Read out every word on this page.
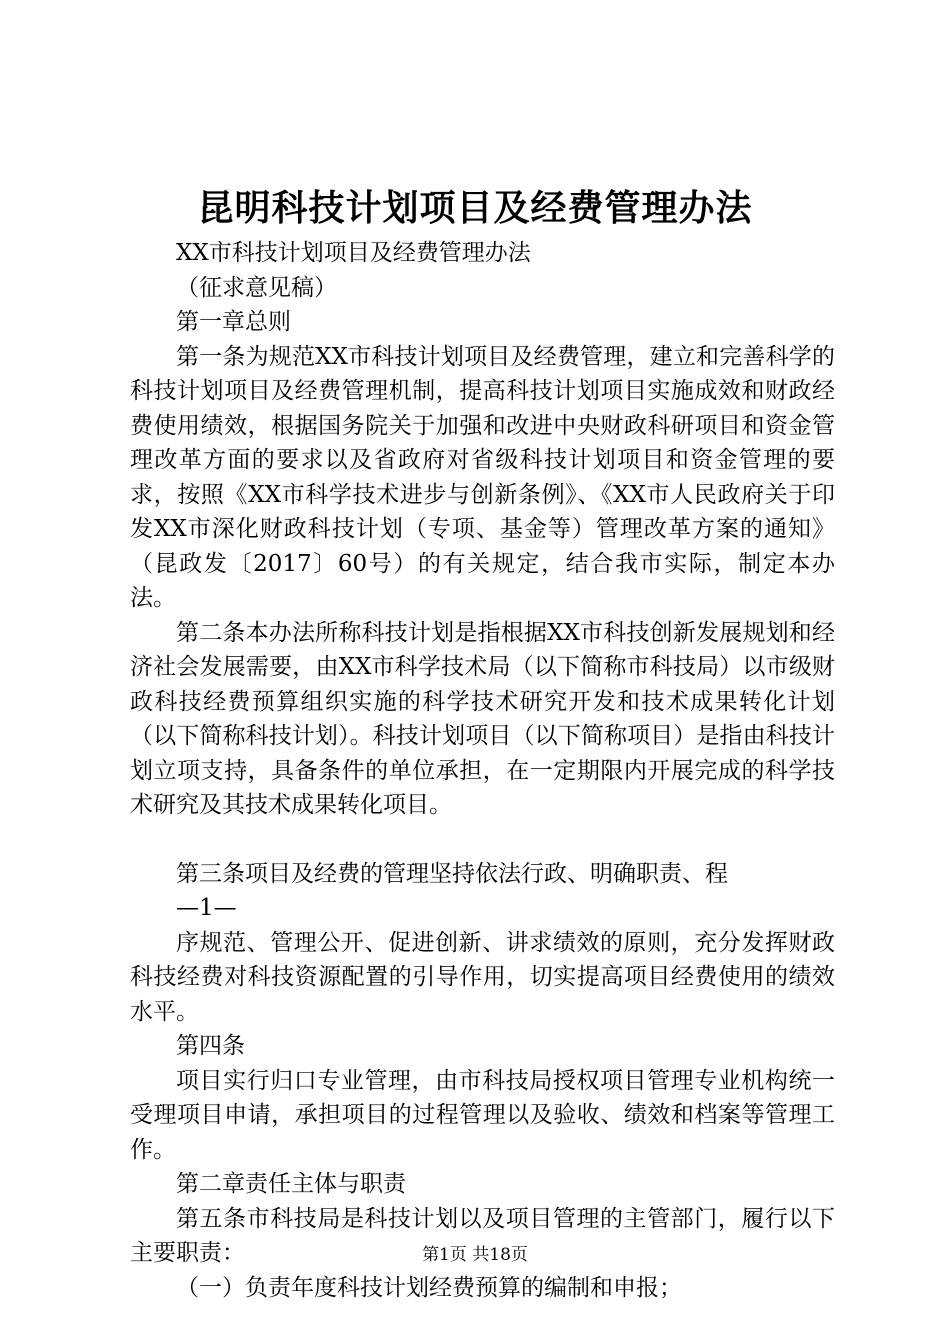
昆明科技计划项目及经费管理办法

XX市科技计划项目及经费管理办法

（征求意见稿）

第一章总则

第一条为规范XX市科技计划项目及经费管理，建立和完善科学的科技计划项目及经费管理机制，提高科技计划项目实施成效和财政经费使用绩效，根据国务院关于加强和改进中央财政科研项目和资金管理改革方面的要求以及省政府对省级科技计划项目和资金管理的要求，按照《XX市科学技术进步与创新条例》、《XX市人民政府关于印发XX市深化财政科技计划（专项、基金等）管理改革方案的通知》（昆政发〔2017〕60号）的有关规定，结合我市实际，制定本办法。

第二条本办法所称科技计划是指根据XX市科技创新发展规划和经济社会发展需要，由XX市科学技术局（以下简称市科技局）以市级财政科技经费预算组织实施的科学技术研究开发和技术成果转化计划（以下简称科技计划）。科技计划项目（以下简称项目）是指由科技计划立项支持，具备条件的单位承担，在一定期限内开展完成的科学技术研究及其技术成果转化项目。

第三条项目及经费的管理坚持依法行政、明确职责、程

—1—

序规范、管理公开、促进创新、讲求绩效的原则，充分发挥财政科技经费对科技资源配置的引导作用，切实提高项目经费使用的绩效水平。

第四条

项目实行归口专业管理，由市科技局授权项目管理专业机构统一受理项目申请，承担项目的过程管理以及验收、绩效和档案等管理工作。

第二章责任主体与职责

第五条市科技局是科技计划以及项目管理的主管部门，履行以下主要职责：

（一）负责年度科技计划经费预算的编制和申报；

第1页 共18页
